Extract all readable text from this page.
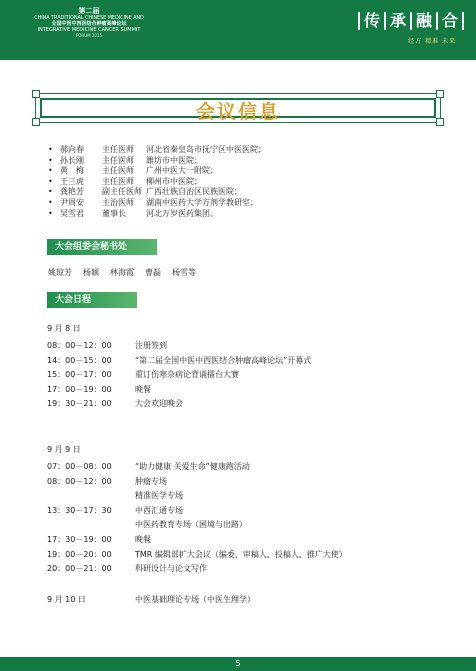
第二届
CHINA TRADITIONAL CHINESE MEDICINE AND
全国中医中西医结合肿瘤高峰论坛
INTEGRATIVE MEDICINE CANCER SUMMIT
FORUM 2015
传 承 融 合
经方 精准 未来
会议信息
• 郝向春	主任医师	河北省秦皇岛市抚宁区中医医院；
• 孙长刚	主任医师	潍坊市中医院；
• 黄　梅	主任医师	广州中医大一附院；
• 王三虎	主任医师	柳州市中医院；
• 龚艳芳	副主任医师 广西壮族自治区民族医院；
• 尹周安	主治医师	湖南中医药大学方剂学教研室；
• 吴雪君	董事长	河北万岁医药集团。
大会组委会秘书处
姚琼芳 杨颖 林海霞 曹磊 杨雪等
大会日程
9 月 8 日
08：00－12：00	注册签到
14：00－15：00	“第二届全国中医中西医结合肿瘤高峰论坛”开幕式
15：00－17：00	重订伤寒杂病论背诵擂台大赛
17：00－19：00	晚餐
19：30－21：00	大会欢迎晚会
9 月 9 日
07：00－08：00	“助力健康 关爱生命”健康跑活动
08：00－12：00	肿瘤专场
精准医学专场
13：30－17：30	中西汇通专场
中医药教育专场（困境与出路）
17：30－19：00	晚餐
19：00－20：00	TMR 编辑部扩大会议（编委、审稿人、投稿人、推广大使）
20：00－21：00	科研设计与论文写作
9 月 10 日	中医基础理论专场（中医生理学）
5
